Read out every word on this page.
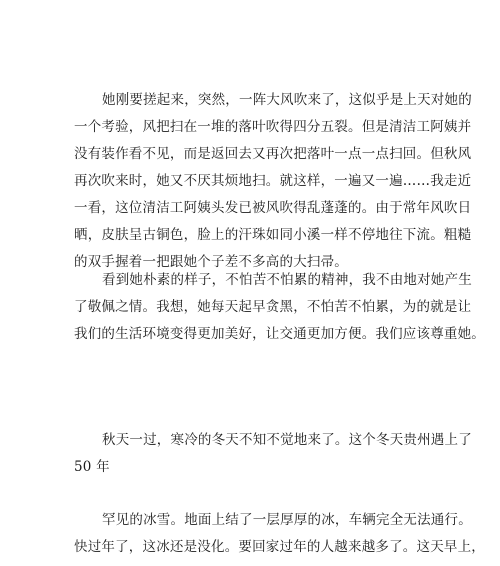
她刚要搓起来，突然，一阵大风吹来了，这似乎是上天对她的
一个考验，风把扫在一堆的落叶吹得四分五裂。但是清洁工阿姨并
没有装作看不见，而是返回去又再次把落叶一点一点扫回。但秋风
再次吹来时，她又不厌其烦地扫。就这样，一遍又一遍……我走近
一看，这位清洁工阿姨头发已被风吹得乱蓬蓬的。由于常年风吹日
晒，皮肤呈古铜色，脸上的汗珠如同小溪一样不停地往下流。粗糙
的双手握着一把跟她个子差不多高的大扫帚。

看到她朴素的样子，不怕苦不怕累的精神，我不由地对她产生
了敬佩之情。我想，她每天起早贪黑，不怕苦不怕累，为的就是让
我们的生活环境变得更加美好，让交通更加方便。我们应该尊重她。

秋天一过，寒冷的冬天不知不觉地来了。这个冬天贵州遇上了
50 年

罕见的冰雪。地面上结了一层厚厚的冰，车辆完全无法通行。
快过年了，这冰还是没化。要回家过年的人越来越多了。这天早上，
